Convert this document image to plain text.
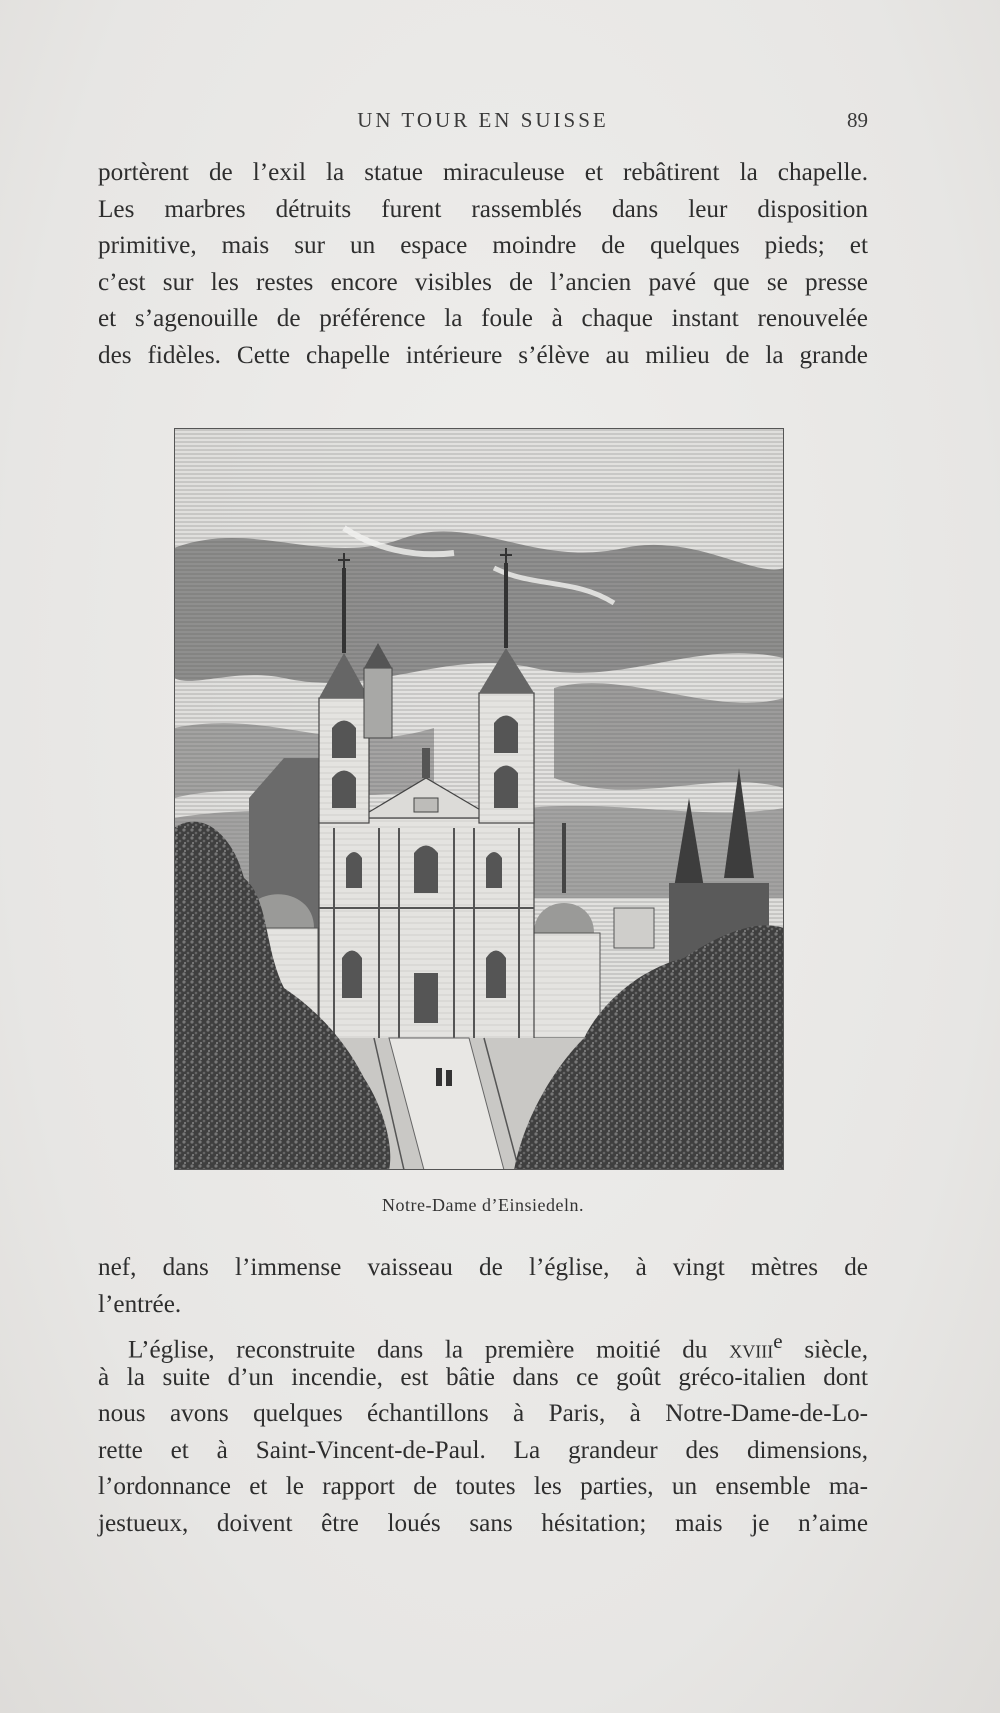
UN TOUR EN SUISSE	89
portèrent de l’exil la statue miraculeuse et rebâtirent la chapelle.
Les marbres détruits furent rassemblés dans leur disposition
primitive, mais sur un espace moindre de quelques pieds; et
c’est sur les restes encore visibles de l’ancien pavé que se presse
et s’agenouille de préférence la foule à chaque instant renouvelée
des fidèles. Cette chapelle intérieure s’élève au milieu de la grande
Notre-Dame d’Einsiedeln.
nef, dans l’immense vaisseau de l’église, à vingt mètres de
l’entrée.
L’église, reconstruite dans la première moitié du xviii$^e$ siècle,
à la suite d’un incendie, est bâtie dans ce goût gréco-italien dont
nous avons quelques échantillons à Paris, à Notre-Dame-de-Lo-
rette et à Saint-Vincent-de-Paul. La grandeur des dimensions,
l’ordonnance et le rapport de toutes les parties, un ensemble ma-
jestueux, doivent être loués sans hésitation; mais je n’aime
